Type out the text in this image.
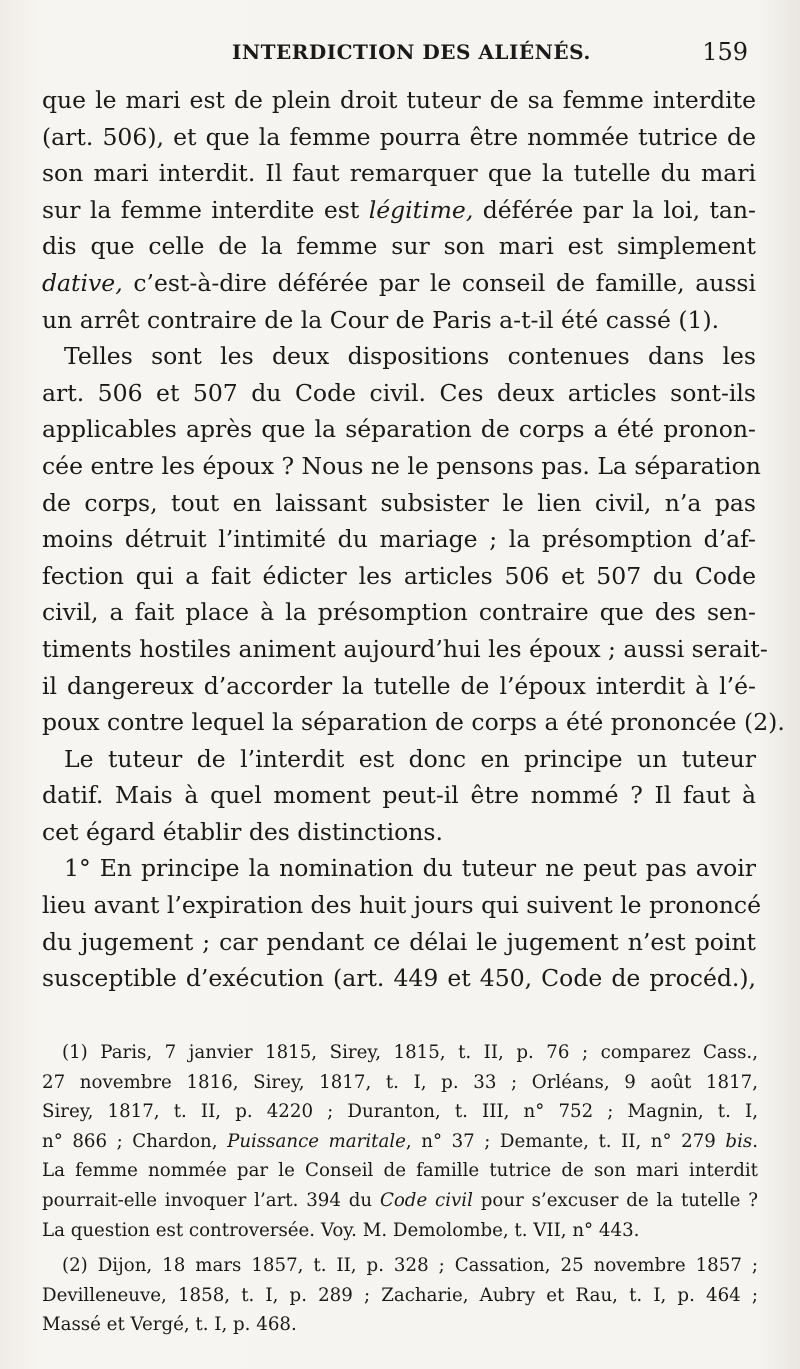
INTERDICTION DES ALIÉNÉS.	159
que le mari est de plein droit tuteur de sa femme interdite
(art. 506), et que la femme pourra être nommée tutrice de
son mari interdit. Il faut remarquer que la tutelle du mari
sur la femme interdite est légitime, déférée par la loi, tan-
dis que celle de la femme sur son mari est simplement
dative, c’est-à-dire déférée par le conseil de famille, aussi
un arrêt contraire de la Cour de Paris a-t-il été cassé (1).
Telles sont les deux dispositions contenues dans les
art. 506 et 507 du Code civil. Ces deux articles sont-ils
applicables après que la séparation de corps a été pronon-
cée entre les époux ? Nous ne le pensons pas. La séparation
de corps, tout en laissant subsister le lien civil, n’a pas
moins détruit l’intimité du mariage ; la présomption d’af-
fection qui a fait édicter les articles 506 et 507 du Code
civil, a fait place à la présomption contraire que des sen-
timents hostiles animent aujourd’hui les époux ; aussi serait-
il dangereux d’accorder la tutelle de l’époux interdit à l’é-
poux contre lequel la séparation de corps a été prononcée (2).
Le tuteur de l’interdit est donc en principe un tuteur
datif. Mais à quel moment peut-il être nommé ? Il faut à
cet égard établir des distinctions.
1° En principe la nomination du tuteur ne peut pas avoir
lieu avant l’expiration des huit jours qui suivent le prononcé
du jugement ; car pendant ce délai le jugement n’est point
susceptible d’exécution (art. 449 et 450, Code de procéd.),
(1) Paris, 7 janvier 1815, Sirey, 1815, t. II, p. 76 ; comparez Cass.,
27 novembre 1816, Sirey, 1817, t. I, p. 33 ; Orléans, 9 août 1817,
Sirey, 1817, t. II, p. 4220 ; Duranton, t. III, n° 752 ; Magnin, t. I,
n° 866 ; Chardon, Puissance maritale, n° 37 ; Demante, t. II, n° 279 bis.
La femme nommée par le Conseil de famille tutrice de son mari interdit
pourrait-elle invoquer l’art. 394 du Code civil pour s’excuser de la tutelle ?
La question est controversée. Voy. M. Demolombe, t. VII, n° 443.
(2) Dijon, 18 mars 1857, t. II, p. 328 ; Cassation, 25 novembre 1857 ;
Devilleneuve, 1858, t. I, p. 289 ; Zacharie, Aubry et Rau, t. I, p. 464 ;
Massé et Vergé, t. I, p. 468.
